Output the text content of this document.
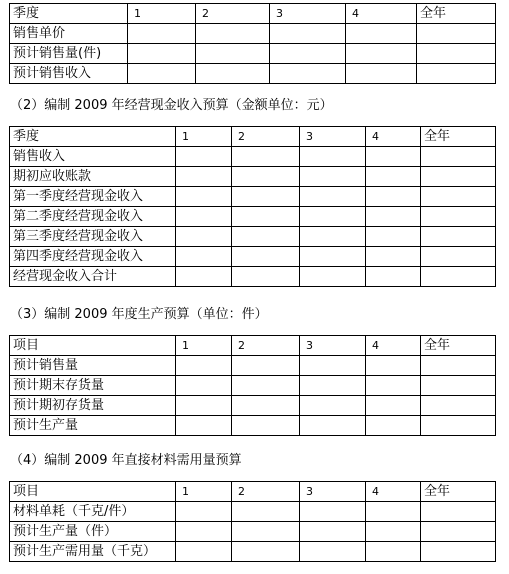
季度	1	2	3	4	全年
销售单价					
预计销售量(件)					
预计销售收入					
（2）编制 2009 年经营现金收入预算（金额单位：元）
季度	1	2	3	4	全年
销售收入					
期初应收账款					
第一季度经营现金收入					
第二季度经营现金收入					
第三季度经营现金收入					
第四季度经营现金收入					
经营现金收入合计					
（3）编制 2009 年度生产预算（单位：件）
项目	1	2	3	4	全年
预计销售量					
预计期末存货量					
预计期初存货量					
预计生产量					
（4）编制 2009 年直接材料需用量预算
项目	1	2	3	4	全年
材料单耗（千克/件）					
预计生产量（件）					
预计生产需用量（千克）					
